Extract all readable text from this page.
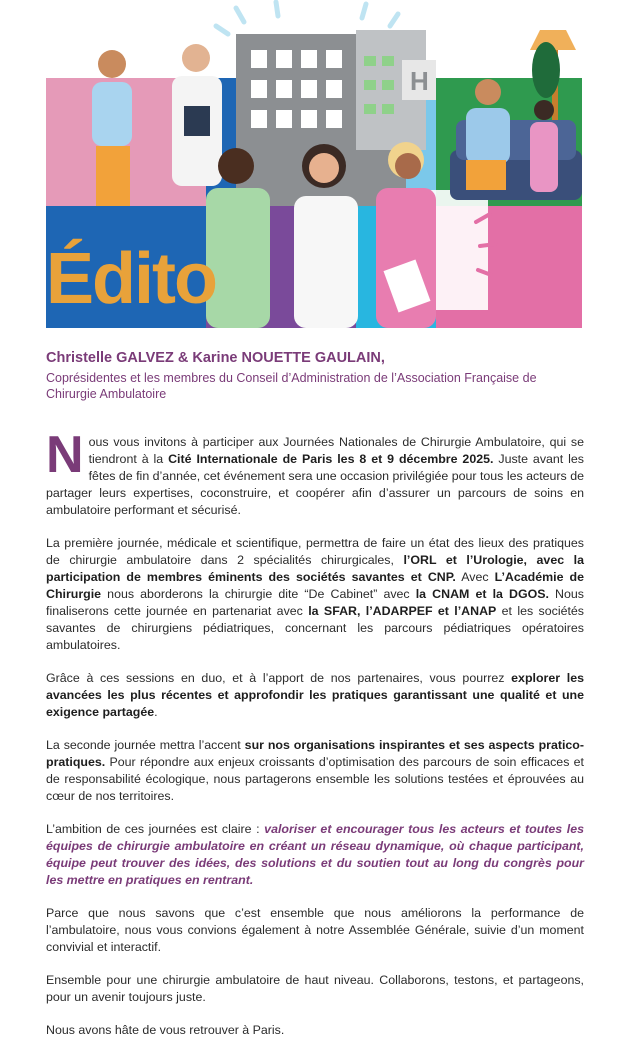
H
Édito

Christelle GALVEZ & Karine NOUETTE GAULAIN,

Coprésidentes et les membres du Conseil d’Administration de l’Association Française de Chirurgie Ambulatoire

Nous vous invitons à participer aux Journées Nationales de Chirurgie Ambulatoire, qui se tiendront à la Cité Internationale de Paris les 8 et 9 décembre 2025. Juste avant les fêtes de fin d’année, cet événement sera une occasion privilégiée pour tous les acteurs de partager leurs expertises, coconstruire, et coopérer afin d’assurer un parcours de soins en ambulatoire performant et sécurisé.

La première journée, médicale et scientifique, permettra de faire un état des lieux des pratiques de chirurgie ambulatoire dans 2 spécialités chirurgicales, l’ORL et l’Urologie, avec la participation de membres éminents des sociétés savantes et CNP. Avec L’Académie de Chirurgie nous aborderons la chirurgie dite “De Cabinet” avec la CNAM et la DGOS. Nous finaliserons cette journée en partenariat avec la SFAR, l’ADARPEF et l’ANAP et les sociétés savantes de chirurgiens pédiatriques, concernant les parcours pédiatriques opératoires ambulatoires.

Grâce à ces sessions en duo, et à l’apport de nos partenaires, vous pourrez explorer les avancées les plus récentes et approfondir les pratiques garantissant une qualité et une exigence partagée.

La seconde journée mettra l’accent sur nos organisations inspirantes et ses aspects pratico-pratiques. Pour répondre aux enjeux croissants d’optimisation des parcours de soin efficaces et de responsabilité écologique, nous partagerons ensemble les solutions testées et éprouvées au cœur de nos territoires.

L’ambition de ces journées est claire : valoriser et encourager tous les acteurs et toutes les équipes de chirurgie ambulatoire en créant un réseau dynamique, où chaque participant, équipe peut trouver des idées, des solutions et du soutien tout au long du congrès pour les mettre en pratiques en rentrant.

Parce que nous savons que c’est ensemble que nous améliorons la performance de l’ambulatoire, nous vous convions également à notre Assemblée Générale, suivie d’un moment convivial et interactif.

Ensemble pour une chirurgie ambulatoire de haut niveau. Collaborons, testons, et partageons, pour un avenir toujours juste.

Nous avons hâte de vous retrouver à Paris.
